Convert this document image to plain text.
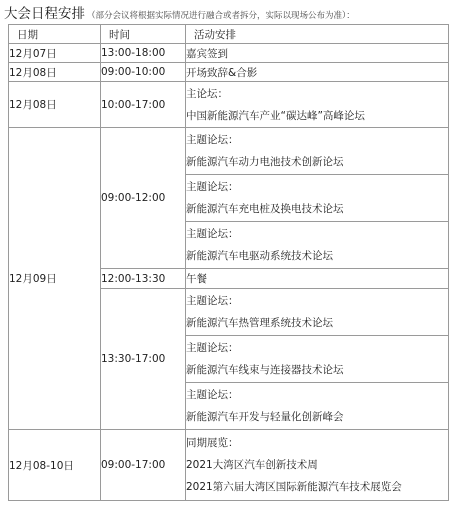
大会日程安排 （部分会议将根据实际情况进行融合或者拆分，实际以现场公布为准）：
日期	时间	活动安排
12月07日	13:00-18:00	嘉宾签到
12月08日	09:00-10:00	开场致辞&合影
12月08日	10:00-17:00	主论坛：
中国新能源汽车产业“碳达峰”高峰论坛

12月09日	09:00-12:00	主题论坛：
新能源汽车动力电池技术创新论坛

		主题论坛：
新能源汽车充电桩及换电技术论坛

		主题论坛：
新能源汽车电驱动系统技术论坛

	12:00-13:30	午餐
	13:30-17:00	主题论坛：
新能源汽车热管理系统技术论坛

		主题论坛：
新能源汽车线束与连接器技术论坛

		主题论坛：
新能源汽车开发与轻量化创新峰会

12月08-10日	09:00-17:00	同期展览：
2021大湾区汽车创新技术周
2021第六届大湾区国际新能源汽车技术展览会
